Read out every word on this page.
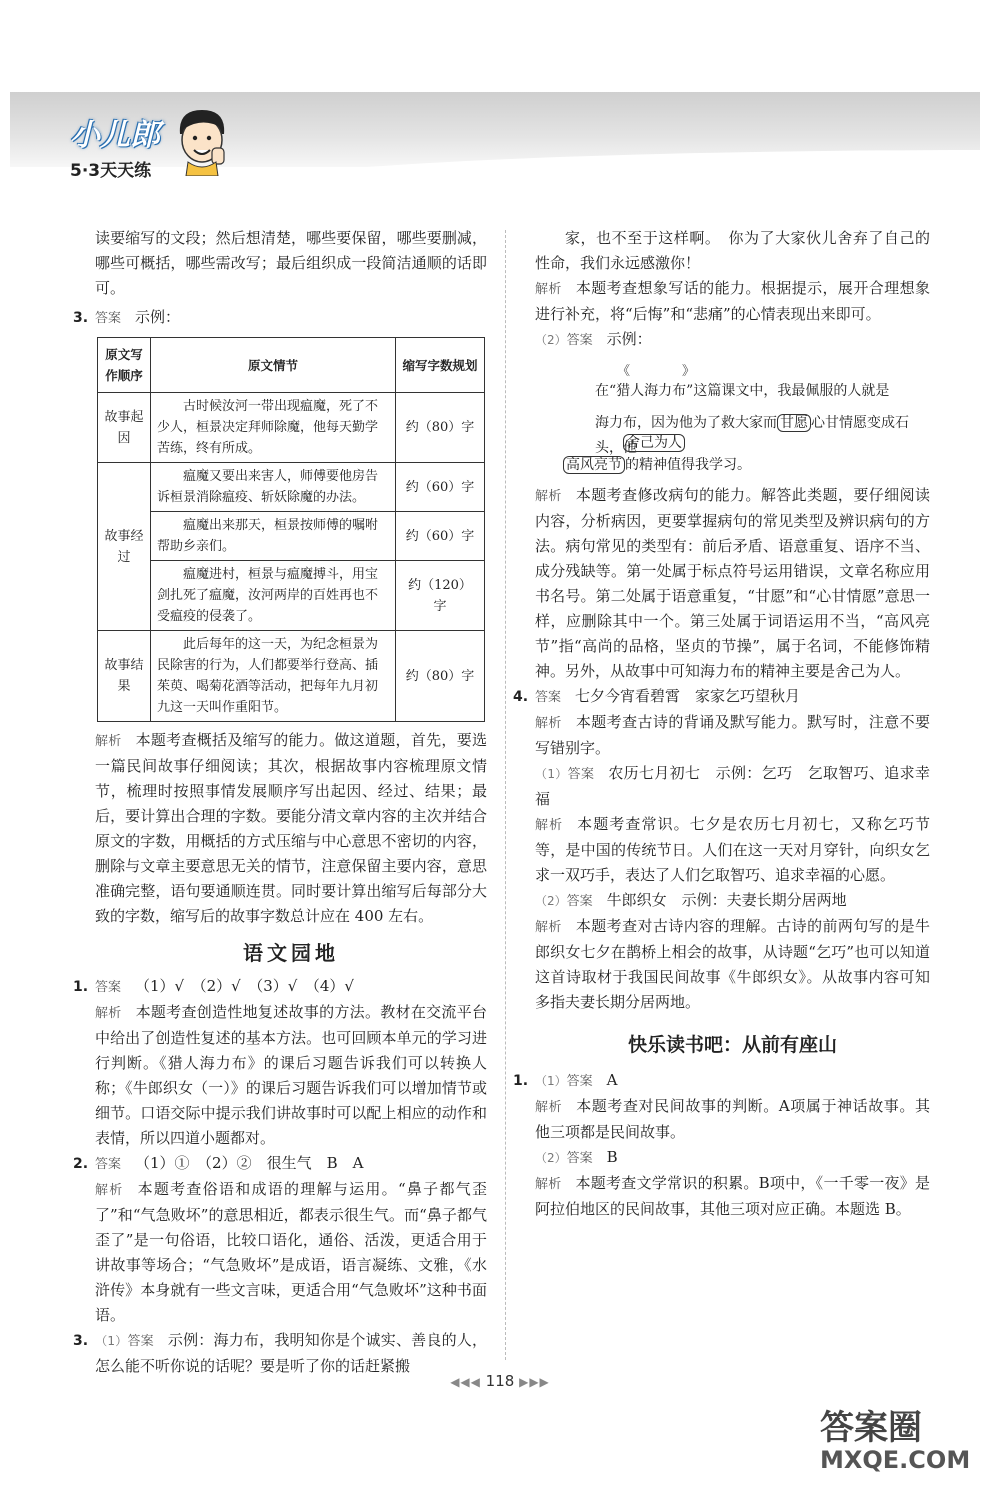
小儿郎
5·3天天练

读要缩写的文段；然后想清楚，哪些要保留，哪些要删减，哪些可概括，哪些需改写；最后组织成一段简洁通顺的话即可。

3. 答案 示例：

原文写作顺序	原文情节	缩写字数规划
故事起因	古时候汝河一带出现瘟魔，死了不少人，桓景决定拜师除魔，他每天勤学苦练，终有所成。	约（80）字
故事经过	瘟魔又要出来害人，师傅要他房告诉桓景消除瘟疫、斩妖除魔的办法。	约（60）字
	瘟魔出来那天，桓景按师傅的嘱咐帮助乡亲们。	约（60）字
	瘟魔进村，桓景与瘟魔搏斗，用宝剑扎死了瘟魔，汝河两岸的百姓再也不受瘟疫的侵袭了。	约（120）字
故事结果	此后每年的这一天，为纪念桓景为民除害的行为，人们都要举行登高、插茱萸、喝菊花酒等活动，把每年九月初九这一天叫作重阳节。	约（80）字

解析 本题考查概括及缩写的能力。做这道题，首先，要选一篇民间故事仔细阅读；其次，根据故事内容梳理原文情节，梳理时按照事情发展顺序写出起因、经过、结果；最后，要计算出合理的字数。要能分清文章内容的主次并结合原文的字数，用概括的方式压缩与中心意思不密切的内容，删除与文章主要意思无关的情节，注意保留主要内容，意思准确完整，语句要通顺连贯。同时要计算出缩写后每部分大致的字数，缩写后的故事字数总计应在 400 左右。

语文园地

1. 答案 （1）√　（2）√　（3）√　（4）√

解析 本题考查创造性地复述故事的方法。教材在交流平台中给出了创造性复述的基本方法。也可回顾本单元的学习进行判断。《猎人海力布》的课后习题告诉我们可以转换人称；《牛郎织女（一）》的课后习题告诉我们可以增加情节或细节。口语交际中提示我们讲故事时可以配上相应的动作和表情，所以四道小题都对。

2. 答案 （1）①　（2）②　很生气　B　A

解析 本题考查俗语和成语的理解与运用。“鼻子都气歪了”和“气急败坏”的意思相近，都表示很生气。而“鼻子都气歪了”是一句俗语，比较口语化，通俗、活泼，更适合用于讲故事等场合；“气急败坏”是成语，语言凝练、文雅，《水浒传》本身就有一些文言味，更适合用“气急败坏”这种书面语。

3. （1）答案 示例：海力布，我明知你是个诚实、善良的人，怎么能不听你说的话呢？要是听了你的话赶紧搬

家，也不至于这样啊。　你为了大家伙儿舍弃了自己的性命，我们永远感激你！

解析 本题考查想象写话的能力。根据提示，展开合理想象进行补充，将“后悔”和“悲痛”的心情表现出来即可。

（2）答案 示例：

《　　　　》
在“猎人海力布”这篇课文中，我最佩服的人就是
海力布，因为他为了救大家而 甘愿 心甘情愿变成石头，他
舍己为人
高风亮节 的精神值得我学习。

解析 本题考查修改病句的能力。解答此类题，要仔细阅读内容，分析病因，更要掌握病句的常见类型及辨识病句的方法。病句常见的类型有：前后矛盾、语意重复、语序不当、成分残缺等。第一处属于标点符号运用错误，文章名称应用书名号。第二处属于语意重复，“甘愿”和“心甘情愿”意思一样，应删除其中一个。第三处属于词语运用不当，“高风亮节”指“高尚的品格，坚贞的节操”，属于名词，不能修饰精神。另外，从故事中可知海力布的精神主要是舍己为人。

4. 答案 七夕今宵看碧霄　家家乞巧望秋月

解析 本题考查古诗的背诵及默写能力。默写时，注意不要写错别字。

（1）答案 农历七月初七　示例：乞巧　乞取智巧、追求幸福

解析 本题考查常识。七夕是农历七月初七，又称乞巧节等，是中国的传统节日。人们在这一天对月穿针，向织女乞求一双巧手，表达了人们乞取智巧、追求幸福的心愿。

（2）答案 牛郎织女　示例：夫妻长期分居两地

解析 本题考查对古诗内容的理解。古诗的前两句写的是牛郎织女七夕在鹊桥上相会的故事，从诗题“乞巧”也可以知道这首诗取材于我国民间故事《牛郎织女》。从故事内容可知多指夫妻长期分居两地。

快乐读书吧：从前有座山

1. （1）答案 A

解析 本题考查对民间故事的判断。A项属于神话故事。其他三项都是民间故事。

（2）答案 B

解析 本题考查文学常识的积累。B项中，《一千零一夜》是阿拉伯地区的民间故事，其他三项对应正确。本题选 B。

◀◀◀ 118 ▶▶▶
答案圈
MXQE.COM
